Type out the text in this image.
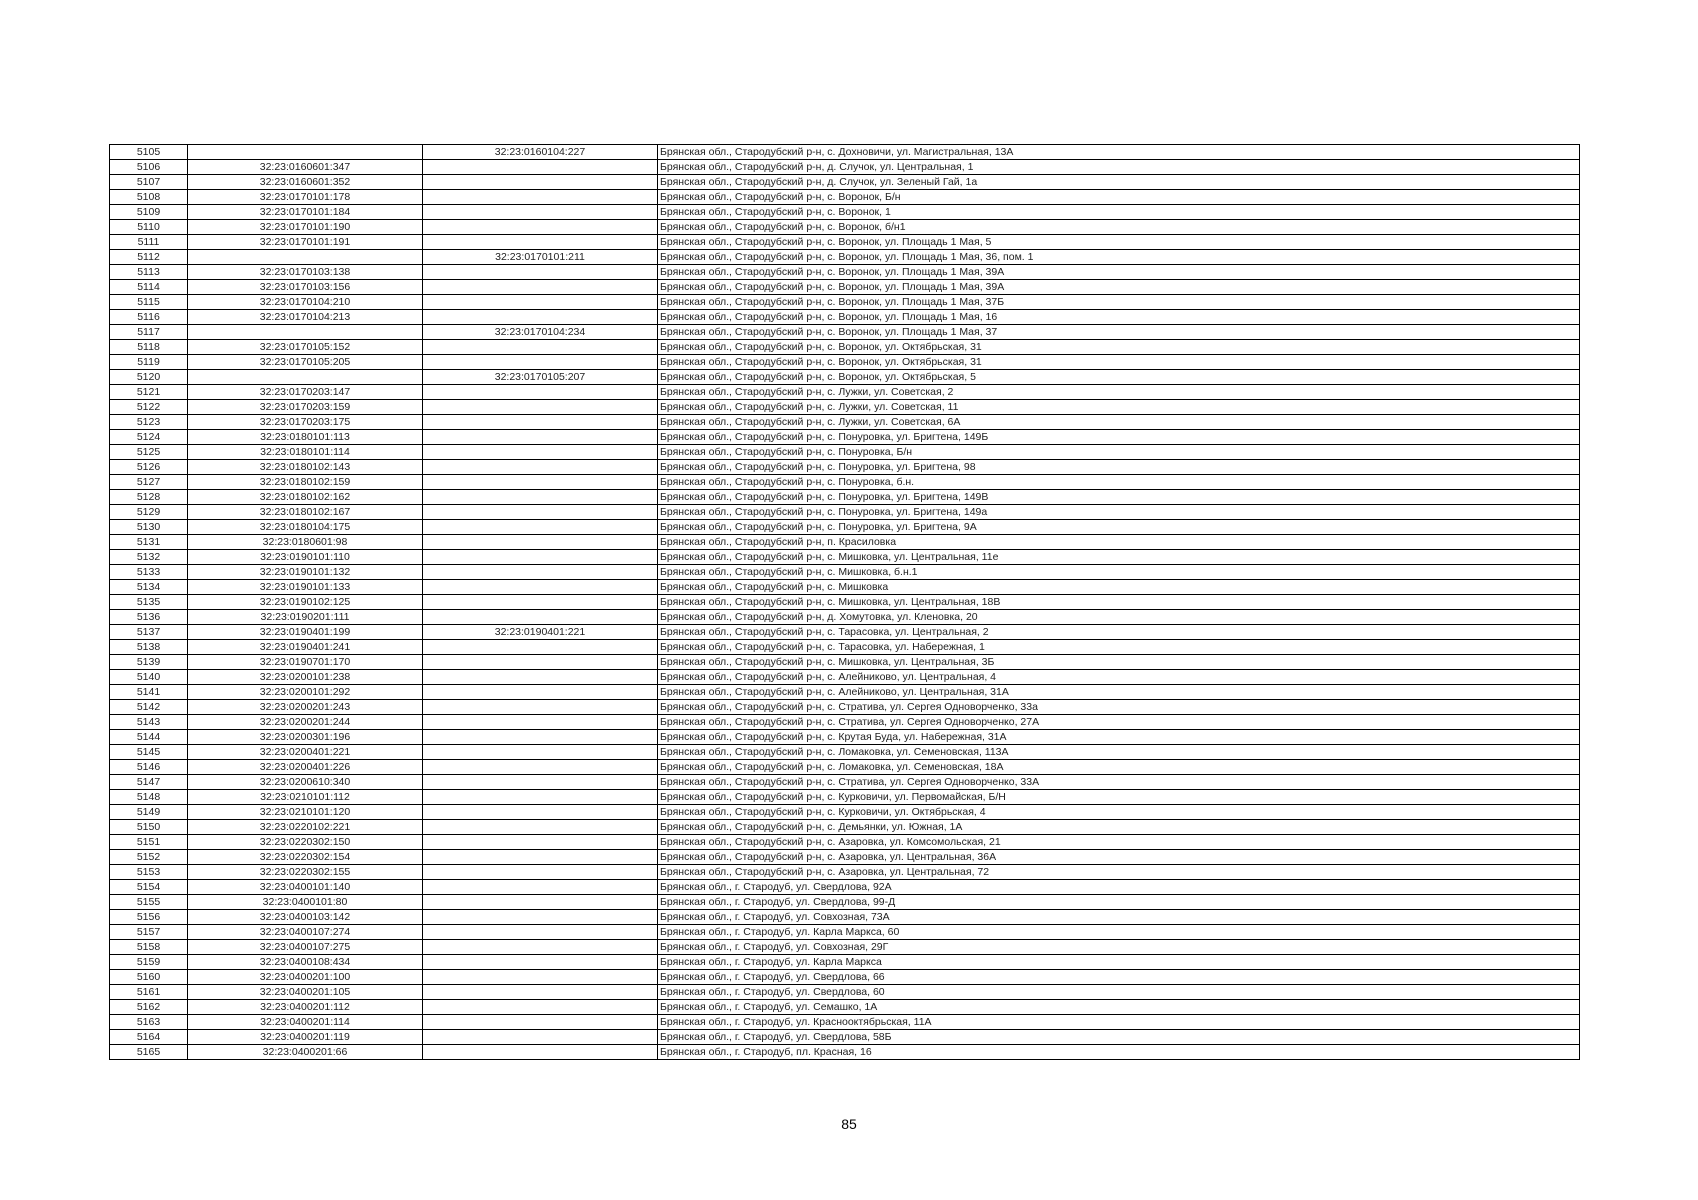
5105		32:23:0160104:227	Брянская обл., Стародубский р-н, с. Дохновичи, ул. Магистральная, 13А
5106	32:23:0160601:347		Брянская обл., Стародубский р-н, д. Случок, ул. Центральная, 1
5107	32:23:0160601:352		Брянская обл., Стародубский р-н, д. Случок, ул. Зеленый Гай, 1а
5108	32:23:0170101:178		Брянская обл., Стародубский р-н, с. Воронок, Б/н
5109	32:23:0170101:184		Брянская обл., Стародубский р-н, с. Воронок, 1
5110	32:23:0170101:190		Брянская обл., Стародубский р-н, с. Воронок, б/н1
5111	32:23:0170101:191		Брянская обл., Стародубский р-н, с. Воронок, ул. Площадь 1 Мая, 5
5112		32:23:0170101:211	Брянская обл., Стародубский р-н, с. Воронок, ул. Площадь 1 Мая, 36, пом. 1
5113	32:23:0170103:138		Брянская обл., Стародубский р-н, с. Воронок, ул. Площадь 1 Мая, 39А
5114	32:23:0170103:156		Брянская обл., Стародубский р-н, с. Воронок, ул. Площадь 1 Мая, 39А
5115	32:23:0170104:210		Брянская обл., Стародубский р-н, с. Воронок, ул. Площадь 1 Мая, 37Б
5116	32:23:0170104:213		Брянская обл., Стародубский р-н, с. Воронок, ул. Площадь 1 Мая, 16
5117		32:23:0170104:234	Брянская обл., Стародубский р-н, с. Воронок, ул. Площадь 1 Мая, 37
5118	32:23:0170105:152		Брянская обл., Стародубский р-н, с. Воронок, ул. Октябрьская, 31
5119	32:23:0170105:205		Брянская обл., Стародубский р-н, с. Воронок, ул. Октябрьская, 31
5120		32:23:0170105:207	Брянская обл., Стародубский р-н, с. Воронок, ул. Октябрьская, 5
5121	32:23:0170203:147		Брянская обл., Стародубский р-н, с. Лужки, ул. Советская, 2
5122	32:23:0170203:159		Брянская обл., Стародубский р-н, с. Лужки, ул. Советская, 11
5123	32:23:0170203:175		Брянская обл., Стародубский р-н, с. Лужки, ул. Советская, 6А
5124	32:23:0180101:113		Брянская обл., Стародубский р-н, с. Понуровка, ул. Бригтена, 149Б
5125	32:23:0180101:114		Брянская обл., Стародубский р-н, с. Понуровка, Б/н
5126	32:23:0180102:143		Брянская обл., Стародубский р-н, с. Понуровка, ул. Бригтена, 98
5127	32:23:0180102:159		Брянская обл., Стародубский р-н, с. Понуровка, б.н.
5128	32:23:0180102:162		Брянская обл., Стародубский р-н, с. Понуровка, ул. Бригтена, 149В
5129	32:23:0180102:167		Брянская обл., Стародубский р-н, с. Понуровка, ул. Бригтена, 149а
5130	32:23:0180104:175		Брянская обл., Стародубский р-н, с. Понуровка, ул. Бригтена, 9А
5131	32:23:0180601:98		Брянская обл., Стародубский р-н, п. Красиловка
5132	32:23:0190101:110		Брянская обл., Стародубский р-н, с. Мишковка, ул. Центральная, 11е
5133	32:23:0190101:132		Брянская обл., Стародубский р-н, с. Мишковка, б.н.1
5134	32:23:0190101:133		Брянская обл., Стародубский р-н, с. Мишковка
5135	32:23:0190102:125		Брянская обл., Стародубский р-н, с. Мишковка, ул. Центральная, 18В
5136	32:23:0190201:111		Брянская обл., Стародубский р-н, д. Хомутовка, ул. Кленовка, 20
5137	32:23:0190401:199	32:23:0190401:221	Брянская обл., Стародубский р-н, с. Тарасовка, ул. Центральная, 2
5138	32:23:0190401:241		Брянская обл., Стародубский р-н, с. Тарасовка, ул. Набережная, 1
5139	32:23:0190701:170		Брянская обл., Стародубский р-н, с. Мишковка, ул. Центральная, 3Б
5140	32:23:0200101:238		Брянская обл., Стародубский р-н, с. Алейниково, ул. Центральная, 4
5141	32:23:0200101:292		Брянская обл., Стародубский р-н, с. Алейниково, ул. Центральная, 31А
5142	32:23:0200201:243		Брянская обл., Стародубский р-н, с. Стратива, ул. Сергея Одноворченко, 33а
5143	32:23:0200201:244		Брянская обл., Стародубский р-н, с. Стратива, ул. Сергея Одноворченко, 27А
5144	32:23:0200301:196		Брянская обл., Стародубский р-н, с. Крутая Буда, ул. Набережная, 31А
5145	32:23:0200401:221		Брянская обл., Стародубский р-н, с. Ломаковка, ул. Семеновская, 113А
5146	32:23:0200401:226		Брянская обл., Стародубский р-н, с. Ломаковка, ул. Семеновская, 18А
5147	32:23:0200610:340		Брянская обл., Стародубский р-н, с. Стратива, ул. Сергея Одноворченко, 33А
5148	32:23:0210101:112		Брянская обл., Стародубский р-н, с. Курковичи, ул. Первомайская, Б/Н
5149	32:23:0210101:120		Брянская обл., Стародубский р-н, с. Курковичи, ул. Октябрьская, 4
5150	32:23:0220102:221		Брянская обл., Стародубский р-н, с. Демьянки, ул. Южная, 1А
5151	32:23:0220302:150		Брянская обл., Стародубский р-н, с. Азаровка, ул. Комсомольская, 21
5152	32:23:0220302:154		Брянская обл., Стародубский р-н, с. Азаровка, ул. Центральная, 36А
5153	32:23:0220302:155		Брянская обл., Стародубский р-н, с. Азаровка, ул. Центральная, 72
5154	32:23:0400101:140		Брянская обл., г. Стародуб, ул. Свердлова, 92А
5155	32:23:0400101:80		Брянская обл., г. Стародуб, ул. Свердлова, 99-Д
5156	32:23:0400103:142		Брянская обл., г. Стародуб, ул. Совхозная, 73А
5157	32:23:0400107:274		Брянская обл., г. Стародуб, ул. Карла Маркса, 60
5158	32:23:0400107:275		Брянская обл., г. Стародуб, ул. Совхозная, 29Г
5159	32:23:0400108:434		Брянская обл., г. Стародуб, ул. Карла Маркса
5160	32:23:0400201:100		Брянская обл., г. Стародуб, ул. Свердлова, 66
5161	32:23:0400201:105		Брянская обл., г. Стародуб, ул. Свердлова, 60
5162	32:23:0400201:112		Брянская обл., г. Стародуб, ул. Семашко, 1А
5163	32:23:0400201:114		Брянская обл., г. Стародуб, ул. Краснооктябрьская, 11А
5164	32:23:0400201:119		Брянская обл., г. Стародуб, ул. Свердлова, 58Б
5165	32:23:0400201:66		Брянская обл., г. Стародуб, пл. Красная, 16
85
